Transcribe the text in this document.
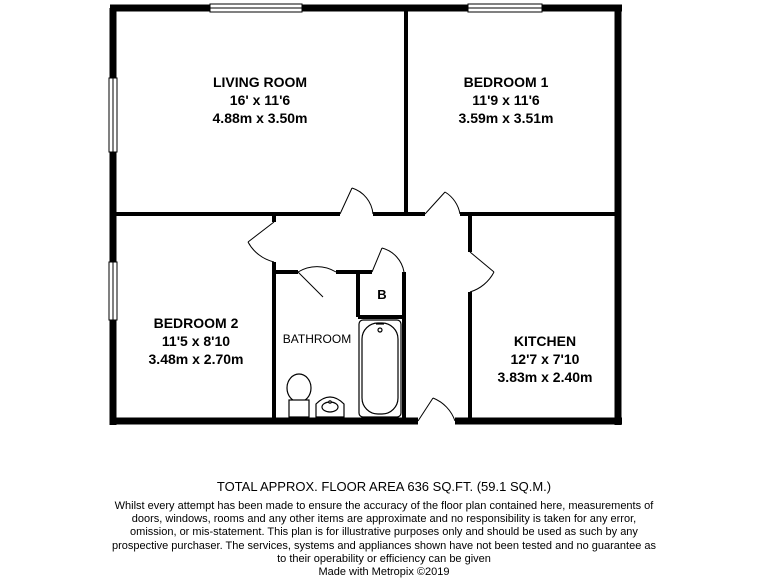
LIVING ROOM
16' x 11'6
4.88m x 3.50m
BEDROOM 1
11'9 x 11'6
3.59m x 3.51m
BEDROOM 2
11'5 x 8'10
3.48m x 2.70m
KITCHEN
12'7 x 7'10
3.83m x 2.40m
BATHROOM
B
TOTAL APPROX. FLOOR AREA 636 SQ.FT. (59.1 SQ.M.)
Whilst every attempt has been made to ensure the accuracy of the floor plan contained here, measurements of doors, windows, rooms and any other items are approximate and no responsibility is taken for any error, omission, or mis-statement. This plan is for illustrative purposes only and should be used as such by any prospective purchaser. The services, systems and appliances shown have not been tested and no guarantee as to their operability or efficiency can be given
Made with Metropix ©2019
